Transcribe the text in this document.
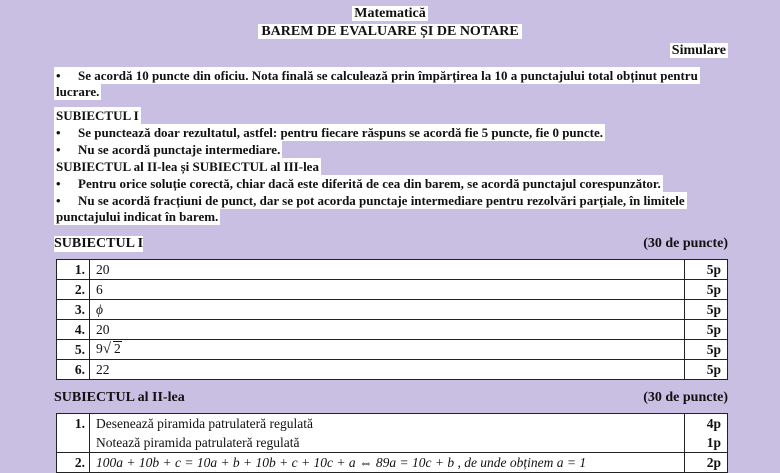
Matematică
BAREM DE EVALUARE ȘI DE NOTARE
Simulare
• Se acordă 10 puncte din oficiu. Nota finală se calculează prin împărțirea la 10 a punctajului total obținut pentru lucrare.
SUBIECTUL I
• Se punctează doar rezultatul, astfel: pentru fiecare răspuns se acordă fie 5 puncte, fie 0 puncte.
• Nu se acordă punctaje intermediare.
SUBIECTUL al II-lea și SUBIECTUL al III-lea
• Pentru orice soluție corectă, chiar dacă este diferită de cea din barem, se acordă punctajul corespunzător.
• Nu se acordă fracțiuni de punct, dar se pot acorda punctaje intermediare pentru rezolvări parțiale, în limitele punctajului indicat în barem.
SUBIECTUL I	(30 de puncte)
1.	20	5p
2.	6	5p
3.	ϕ	5p
4.	20	5p
5.	9√ 2	5p
6.	22	5p
SUBIECTUL al II-lea	(30 de puncte)
1.	Desenează piramida patrulateră regulată	4p
	Notează piramida patrulateră regulată	1p
2.	100a + 10b + c = 10a + b + 10b + c + 10c + a ⇔ 89a = 10c + b , de unde obținem a = 1	2p
